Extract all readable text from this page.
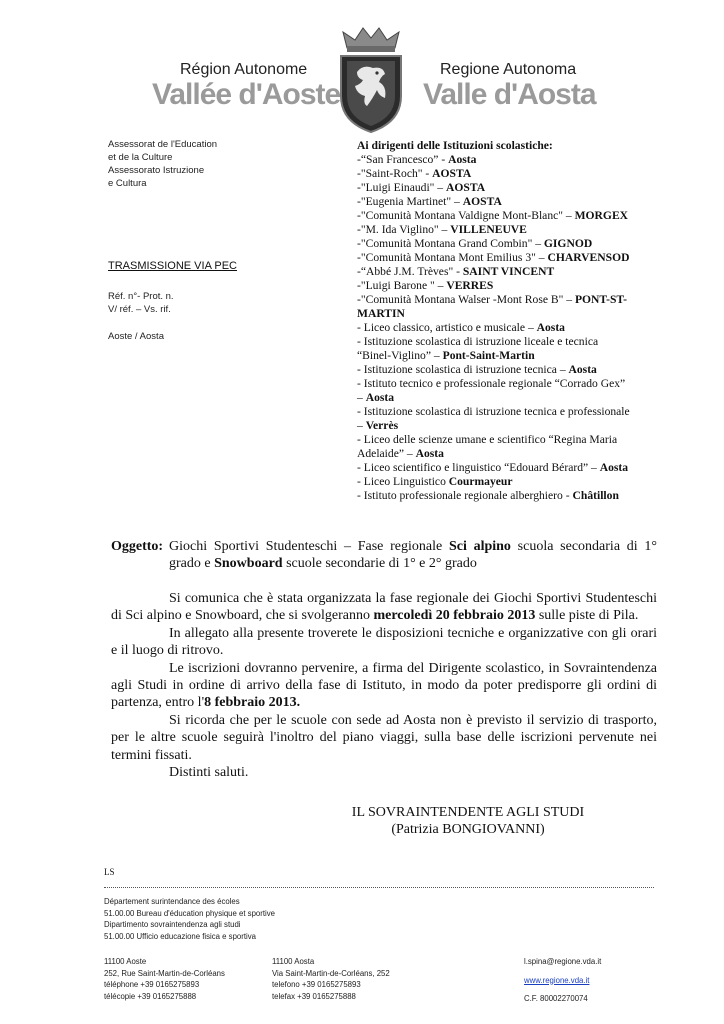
Région Autonome
Vallée d'Aoste
Regione Autonoma
Valle d'Aosta
Assessorat de l'Education
et de la Culture
Assessorato Istruzione
e Cultura
TRASMISSIONE VIA PEC
Réf. n°- Prot. n.
V/ réf. – Vs. rif.
Aoste / Aosta
Ai dirigenti delle Istituzioni scolastiche:
-“San Francesco” - Aosta
-"Saint-Roch" - AOSTA
-"Luigi Einaudi" – AOSTA
-"Eugenia Martinet" – AOSTA
-"Comunità Montana Valdigne Mont-Blanc" – MORGEX
-"M. Ida Viglino" – VILLENEUVE
-"Comunità Montana Grand Combin" – GIGNOD
-"Comunità Montana Mont Emilius 3" – CHARVENSOD
-“Abbé J.M. Trèves" - SAINT VINCENT
-"Luigi Barone " – VERRES
-"Comunità Montana Walser -Mont Rose B" – PONT-ST-
MARTIN
- Liceo classico, artistico e musicale – Aosta
- Istituzione scolastica di istruzione liceale e tecnica
“Binel-Viglino” – Pont-Saint-Martin
- Istituzione scolastica di istruzione tecnica – Aosta
- Istituto tecnico e professionale regionale “Corrado Gex”
– Aosta
- Istituzione scolastica di istruzione tecnica e professionale
– Verrès
- Liceo delle scienze umane e scientifico “Regina Maria
Adelaide” – Aosta
- Liceo scientifico e linguistico “Edouard Bérard” – Aosta
- Liceo Linguistico Courmayeur
- Istituto professionale regionale alberghiero - Châtillon
Oggetto: Giochi Sportivi Studenteschi – Fase regionale Sci alpino scuola secondaria di 1°
grado e Snowboard scuole secondarie di 1° e 2° grado

Si comunica che è stata organizzata la fase regionale dei Giochi Sportivi Studenteschi di Sci alpino e Snowboard, che si svolgeranno mercoledì 20 febbraio 2013 sulle piste di Pila.

In allegato alla presente troverete le disposizioni tecniche e organizzative con gli orari e il luogo di ritrovo.

Le iscrizioni dovranno pervenire, a firma del Dirigente scolastico, in Sovraintendenza agli Studi in ordine di arrivo della fase di Istituto, in modo da poter predisporre gli ordini di partenza, entro l'8 febbraio 2013.

Si ricorda che per le scuole con sede ad Aosta non è previsto il servizio di trasporto, per le altre scuole seguirà l'inoltro del piano viaggi, sulla base delle iscrizioni pervenute nei termini fissati.

Distinti saluti.

IL SOVRAINTENDENTE AGLI STUDI
(Patrizia BONGIOVANNI)
LS
Département surintendance des écoles
51.00.00 Bureau d'éducation physique et sportive
Dipartimento sovraintendenza agli studi
51.00.00 Ufficio educazione fisica e sportiva
11100 Aoste
252, Rue Saint-Martin-de-Corléans
téléphone +39 0165275893
télécopie +39 0165275888
11100 Aosta
Via Saint-Martin-de-Corléans, 252
telefono +39 0165275893
telefax +39 0165275888
l.spina@regione.vda.it
www.regione.vda.it
C.F. 80002270074
